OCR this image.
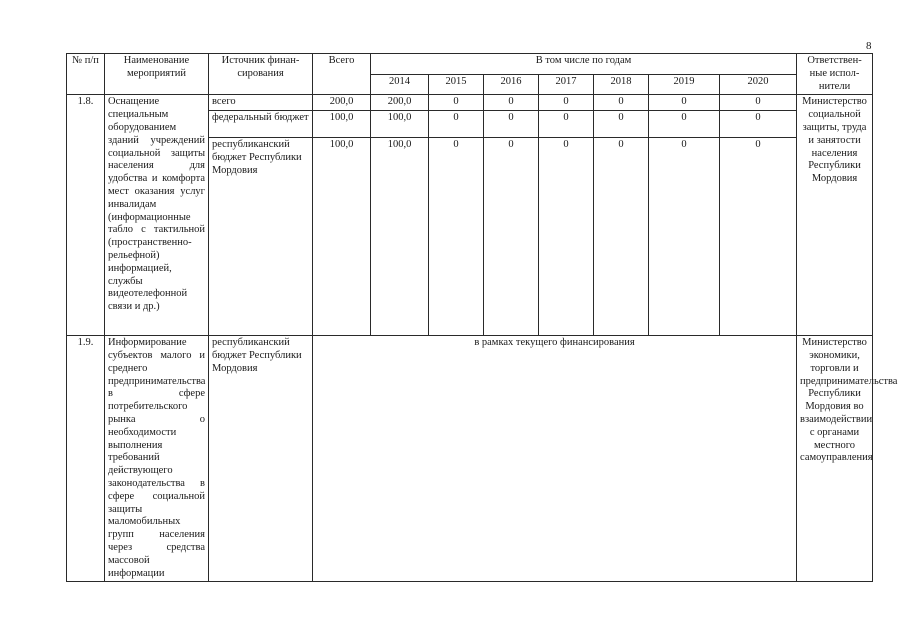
8
№ п/п	Наименование мероприятий	Источник финан-сирования	Всего	В том числе по годам							Ответствен-ные испол-нители
				2014	2015	2016	2017	2018	2019	2020	
1.8.	Оснащение специальным оборудованием зданий учреждений социальной защиты населения для удобства и комфорта мест оказания услуг инвалидам (информационные табло с тактильной (пространственно-рельефной) информацией, службы видеотелефонной связи и др.)	всего	200,0	200,0	0	0	0	0	0	0	Министерство социальной защиты, труда и занятости населения Республики Мордовия
		федеральный бюджет	100,0	100,0	0	0	0	0	0	0	
		республиканский бюджет Республики Мордовия	100,0	100,0	0	0	0	0	0	0	
1.9.	Информирование субъектов малого и среднего предпринимательства в сфере потребительского рынка о необходимости выполнения требований действующего законодательства в сфере социальной защиты маломобильных групп населения через средства массовой информации	республиканский бюджет Республики Мордовия	в рамках текущего финансирования								Министерство экономики, торговли и предпринимательства Республики Мордовия во взаимодействии с органами местного самоуправления
